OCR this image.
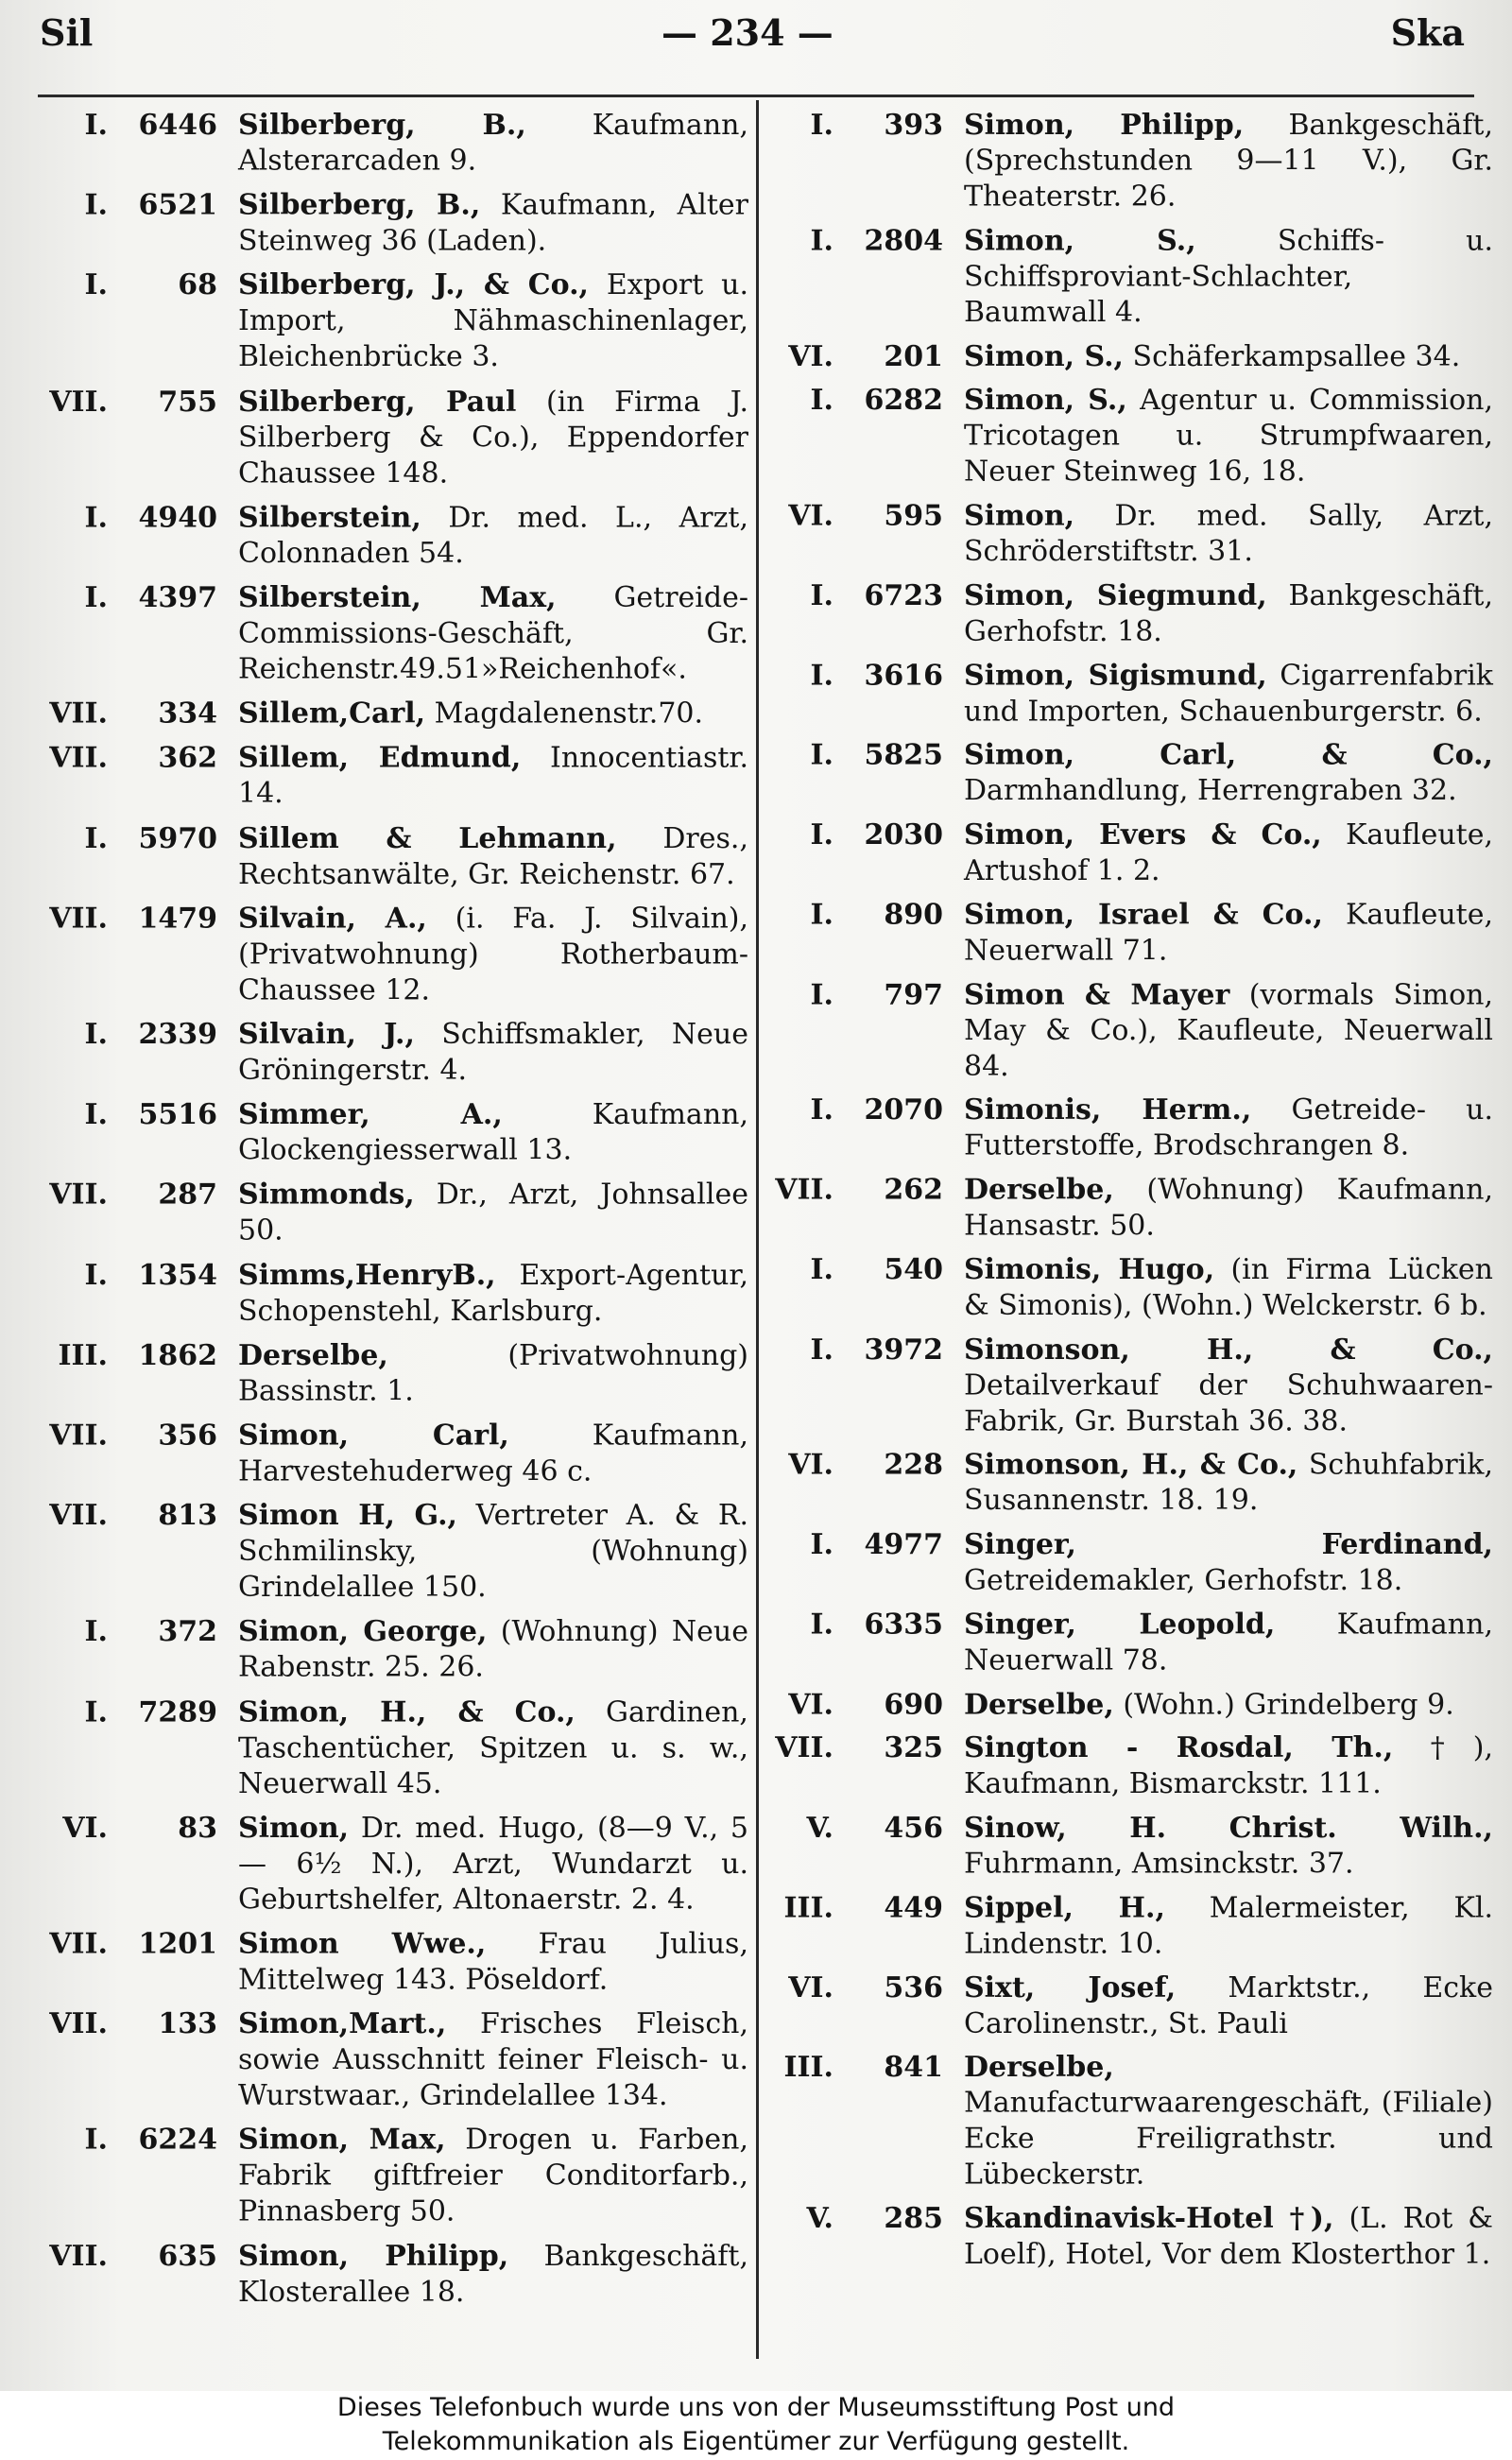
Sil	— 234 —	Ska
I.	6446 Silberberg, B., Kaufmann, Alsterarcaden 9.
I.	6521 Silberberg, B., Kaufmann, Alter Steinweg 36 (Laden).
I.	68 Silberberg, J., & Co., Export u. Import, Nähmaschinenlager, Bleichenbrücke 3.
VII.	755 Silberberg, Paul (in Firma J. Silberberg & Co.), Eppendorfer Chaussee 148.
I.	4940 Silberstein, Dr. med. L., Arzt, Colonnaden 54.
I.	4397 Silberstein, Max, Getreide-Commissions-Geschäft, Gr. Reichenstr.49.51»Reichenhof«.
VII.	334 Sillem,Carl, Magdalenenstr.70.
VII.	362 Sillem, Edmund, Innocentiastr. 14.
I.	5970 Sillem & Lehmann, Dres., Rechtsanwälte, Gr. Reichenstr. 67.
VII.	1479 Silvain, A., (i. Fa. J. Silvain), (Privatwohnung) Rotherbaum-Chaussee 12.
I.	2339 Silvain, J., Schiffsmakler, Neue Gröningerstr. 4.
I.	5516 Simmer, A.,	Kaufmann, Glockengiesserwall 13.
VII.	287 Simmonds, Dr., Arzt, Johnsallee 50.
I.	1354 Simms,HenryB., Export-Agentur, Schopenstehl, Karlsburg.
III.	1862 Derselbe,	(Privatwohnung) Bassinstr. 1.
VII.	356 Simon, Carl,	Kaufmann, Harvestehuderweg 46 c.
VII.	813 Simon H, G., Vertreter A. & R. Schmilinsky, (Wohnung) Grindelallee 150.
I.	372 Simon, George, (Wohnung) Neue Rabenstr. 25. 26.
I.	7289 Simon, H., & Co., Gardinen, Taschentücher, Spitzen u. s. w., Neuerwall 45.
VI.	83 Simon, Dr. med. Hugo, (8—9 V., 5 — 6½ N.), Arzt, Wundarzt u. Geburtshelfer, Altonaerstr. 2. 4.
VII.	1201 Simon Wwe., Frau Julius, Mittelweg 143. Pöseldorf.
VII.	133 Simon,Mart., Frisches Fleisch, sowie Ausschnitt feiner Fleisch- u. Wurstwaar., Grindelallee 134.
I.	6224 Simon, Max, Drogen u. Farben, Fabrik giftfreier Conditorfarb., Pinnasberg 50.
VII.	635 Simon, Philipp, Bankgeschäft, Klosterallee 18.
I.	393 Simon, Philipp, Bankgeschäft, (Sprechstunden 9—11 V.), Gr. Theaterstr. 26.
I.	2804 Simon, S.,	Schiffs- u. Schiffsproviant-Schlachter, Baumwall 4.
VI.	201 Simon, S., Schäferkampsallee 34.
I.	6282 Simon, S., Agentur u. Commission, Tricotagen u. Strumpfwaaren, Neuer Steinweg 16, 18.
VI.	595 Simon, Dr. med. Sally, Arzt, Schröderstiftstr. 31.
I.	6723 Simon, Siegmund, Bankgeschäft, Gerhofstr. 18.
I.	3616 Simon, Sigismund, Cigarrenfabrik und Importen, Schauenburgerstr. 6.
I.	5825 Simon, Carl, & Co., Darmhandlung, Herrengraben 32.
I.	2030 Simon, Evers & Co., Kaufleute, Artushof 1. 2.
I.	890 Simon, Israel & Co., Kaufleute, Neuerwall 71.
I.	797 Simon & Mayer (vormals Simon, May & Co.), Kaufleute, Neuerwall 84.
I.	2070 Simonis, Herm., Getreide- u. Futterstoffe, Brodschrangen 8.
VII.	262 Derselbe, (Wohnung) Kaufmann, Hansastr. 50.
I.	540 Simonis, Hugo, (in Firma Lücken & Simonis), (Wohn.) Welckerstr. 6 b.
I.	3972 Simonson, H., & Co., Detailverkauf der Schuhwaaren-Fabrik, Gr. Burstah 36. 38.
VI.	228 Simonson, H., & Co., Schuhfabrik, Susannenstr. 18. 19.
I.	4977 Singer, Ferdinand, Getreidemakler, Gerhofstr. 18.
I.	6335 Singer, Leopold, Kaufmann, Neuerwall 78.
VI.	690 Derselbe, (Wohn.) Grindelberg 9.
VII.	325 Sington - Rosdal, Th., †), Kaufmann, Bismarckstr. 111.
V.	456 Sinow, H. Christ. Wilh., Fuhrmann, Amsinckstr. 37.
III.	449 Sippel, H., Malermeister, Kl. Lindenstr. 10.
VI.	536 Sixt, Josef, Marktstr., Ecke Carolinenstr., St. Pauli
III.	841 Derselbe, Manufacturwaarengeschäft, (Filiale) Ecke Freiligrathstr. und Lübeckerstr.
V.	285 Skandinavisk-Hotel †), (L. Rot & Loelf), Hotel, Vor dem Klosterthor 1.
Dieses Telefonbuch wurde uns von der Museumsstiftung Post und
Telekommunikation als Eigentümer zur Verfügung gestellt.
